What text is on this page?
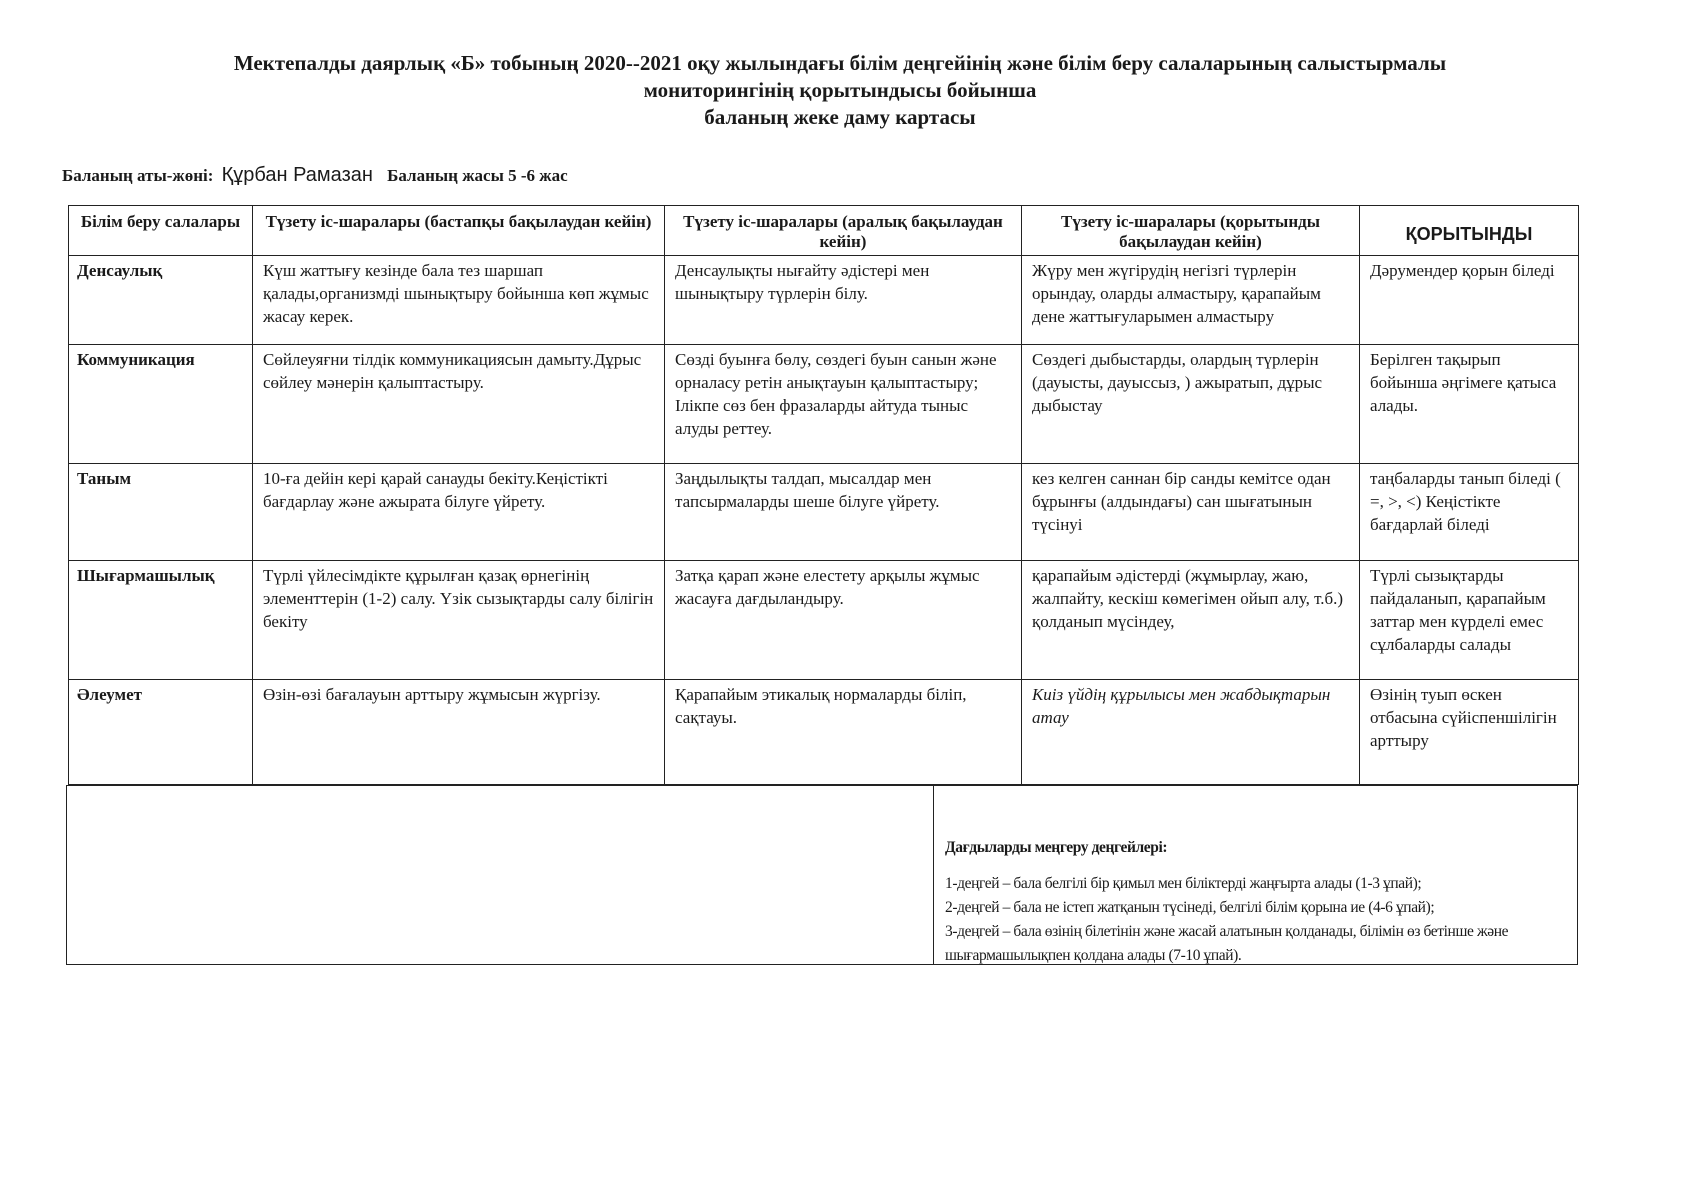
Мектепалды даярлық «Б» тобының 2020--2021 оқу жылындағы білім деңгейінің және білім беру салаларының салыстырмалы
мониторингінің қорытындысы бойынша
баланың жеке даму картасы
Баланың аты-жөні: Құрбан Рамазан Баланың жасы 5 -6 жас
Білім беру салалары	Түзету іс-шаралары (бастапқы бақылаудан кейін)	Түзету іс-шаралары (аралық бақылаудан кейін)	Түзету іс-шаралары (қорытынды бақылаудан кейін)	ҚОРЫТЫНДЫ
Денсаулық	Күш жаттығу кезінде бала тез шаршап қалады,организмді шынықтыру бойынша көп жұмыс жасау керек.	Денсаулықты нығайту әдістері мен шынықтыру түрлерін білу.	Жүру мен жүгірудің негізгі түрлерін орындау, оларды алмастыру, қарапайым дене жаттығуларымен алмастыру	Дәрумендер қорын біледі
Коммуникация	Сөйлеуяғни тілдік коммуникациясын дамыту.Дұрыс сөйлеу мәнерін қалыптастыру.	Сөзді буынға бөлу, сөздегі буын санын және орналасу ретін анықтауын қалыптастыру; Ілікпе сөз бен фразаларды айтуда тыныс алуды реттеу.	Сөздегі дыбыстарды, олардың түрлерін (дауысты, дауыссыз, ) ажыратып, дұрыс дыбыстау	Берілген тақырып бойынша әңгімеге қатыса алады.
Таным	10-ға дейін кері қарай санауды бекіту.Кеңістікті бағдарлау және ажырата білуге үйрету.	Заңдылықты талдап, мысалдар мен тапсырмаларды шеше білуге үйрету.	кез келген саннан бір санды кемітсе одан бұрынғы (алдындағы) сан шығатынын түсінуі	таңбаларды танып біледі ( =, >, <) Кеңістікте бағдарлай біледі
Шығармашылық	Түрлі үйлесімдікте құрылған қазақ өрнегінің элементтерін (1-2) салу. Үзік сызықтарды салу білігін бекіту	Затқа қарап және елестету арқылы жұмыс жасауға дағдыландыру.	қарапайым әдістерді (жұмырлау, жаю, жалпайту, кескіш көмегімен ойып алу, т.б.) қолданып мүсіндеу,	Түрлі сызықтарды пайдаланып, қарапайым заттар мен күрделі емес сұлбаларды салады
Әлеумет	Өзін-өзі бағалауын арттыру жұмысын жүргізу.	Қарапайым этикалық нормаларды біліп, сақтауы.	Киіз үйдің құрылысы мен жабдықтарын атау	Өзінің туып өскен отбасына сүйіспеншілігін арттыру
Дағдыларды меңгеру деңгейлері:

1-деңгей – бала белгілі бір қимыл мен біліктерді жаңғырта алады (1-3 ұпай);

2-деңгей – бала не істеп жатқанын түсінеді, белгілі білім қорына ие (4-6 ұпай);

3-деңгей – бала өзінің білетінін және жасай алатынын қолданады, білімін өз бетінше және шығармашылықпен қолдана алады (7-10 ұпай).
